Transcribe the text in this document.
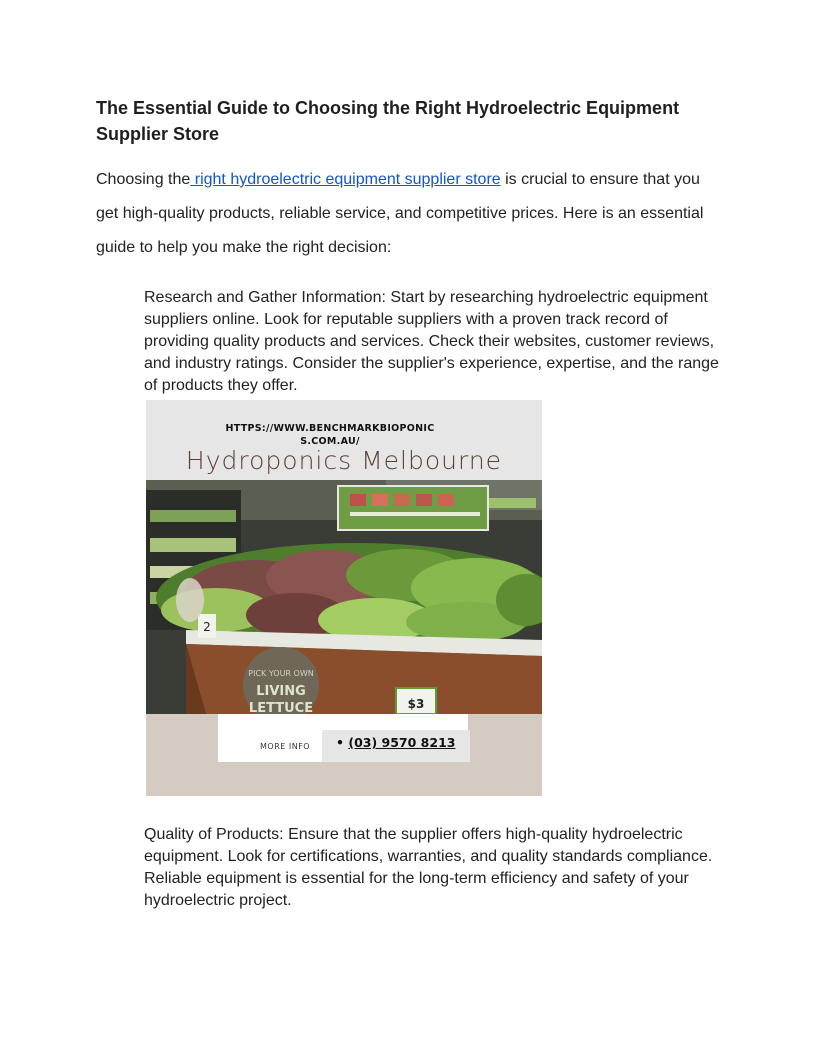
The Essential Guide to Choosing the Right Hydroelectric Equipment Supplier Store

Choosing the right hydroelectric equipment supplier store is crucial to ensure that you get high-quality products, reliable service, and competitive prices. Here is an essential guide to help you make the right decision:

Research and Gather Information: Start by researching hydroelectric equipment suppliers online. Look for reputable suppliers with a proven track record of providing quality products and services. Check their websites, customer reviews, and industry ratings. Consider the supplier's experience, expertise, and the range of products they offer.

HTTPS://WWW.BENCHMARKBIOPONICS.COM.AU/
Hydroponics Melbourne
PICK YOUR OWN
LIVING
LETTUCE
2
$3
MORE INFO • (03) 9570 8213

Quality of Products: Ensure that the supplier offers high-quality hydroelectric equipment. Look for certifications, warranties, and quality standards compliance. Reliable equipment is essential for the long-term efficiency and safety of your hydroelectric project.
